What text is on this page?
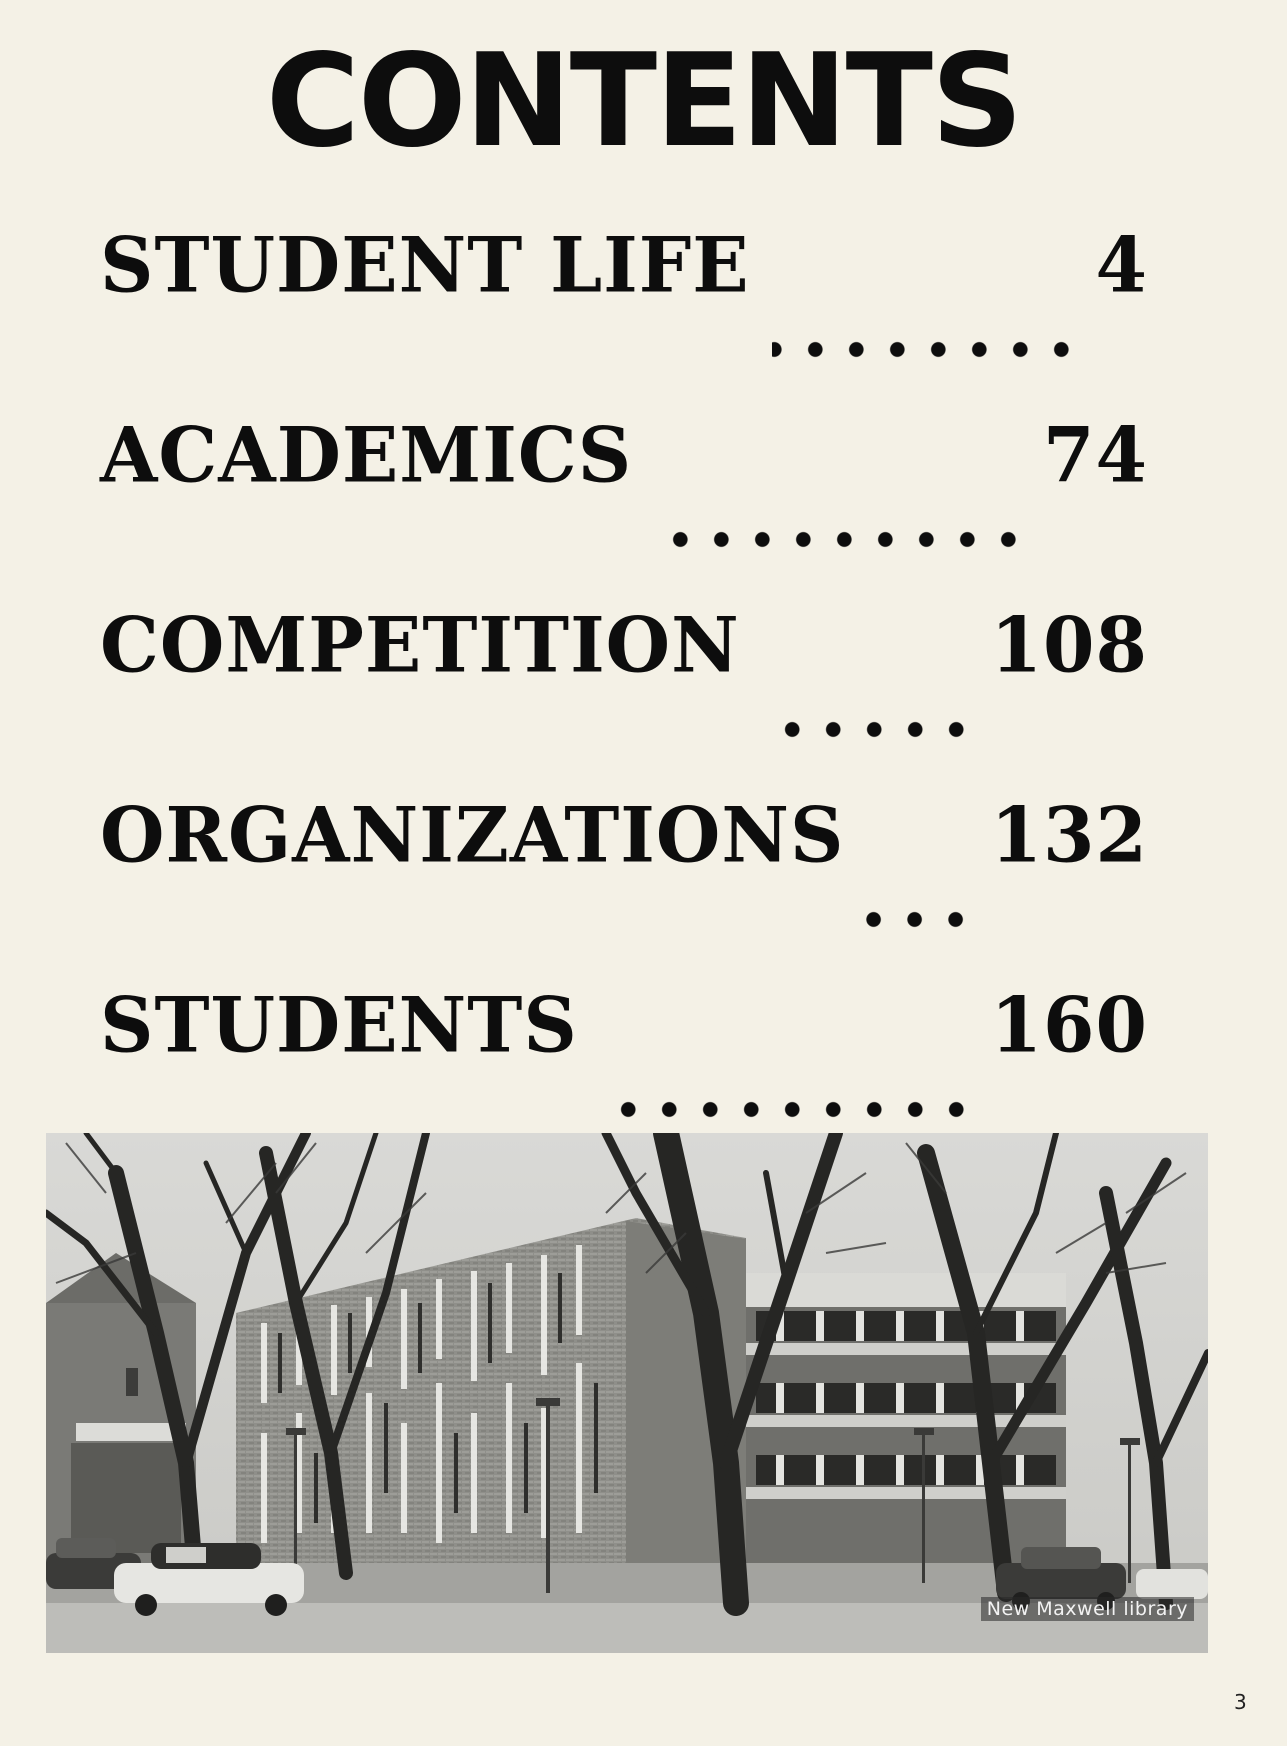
CONTENTS
STUDENT LIFE	4
ACADEMICS	74
COMPETITION	108
ORGANIZATIONS 132
STUDENTS	160
New Maxwell library
3
